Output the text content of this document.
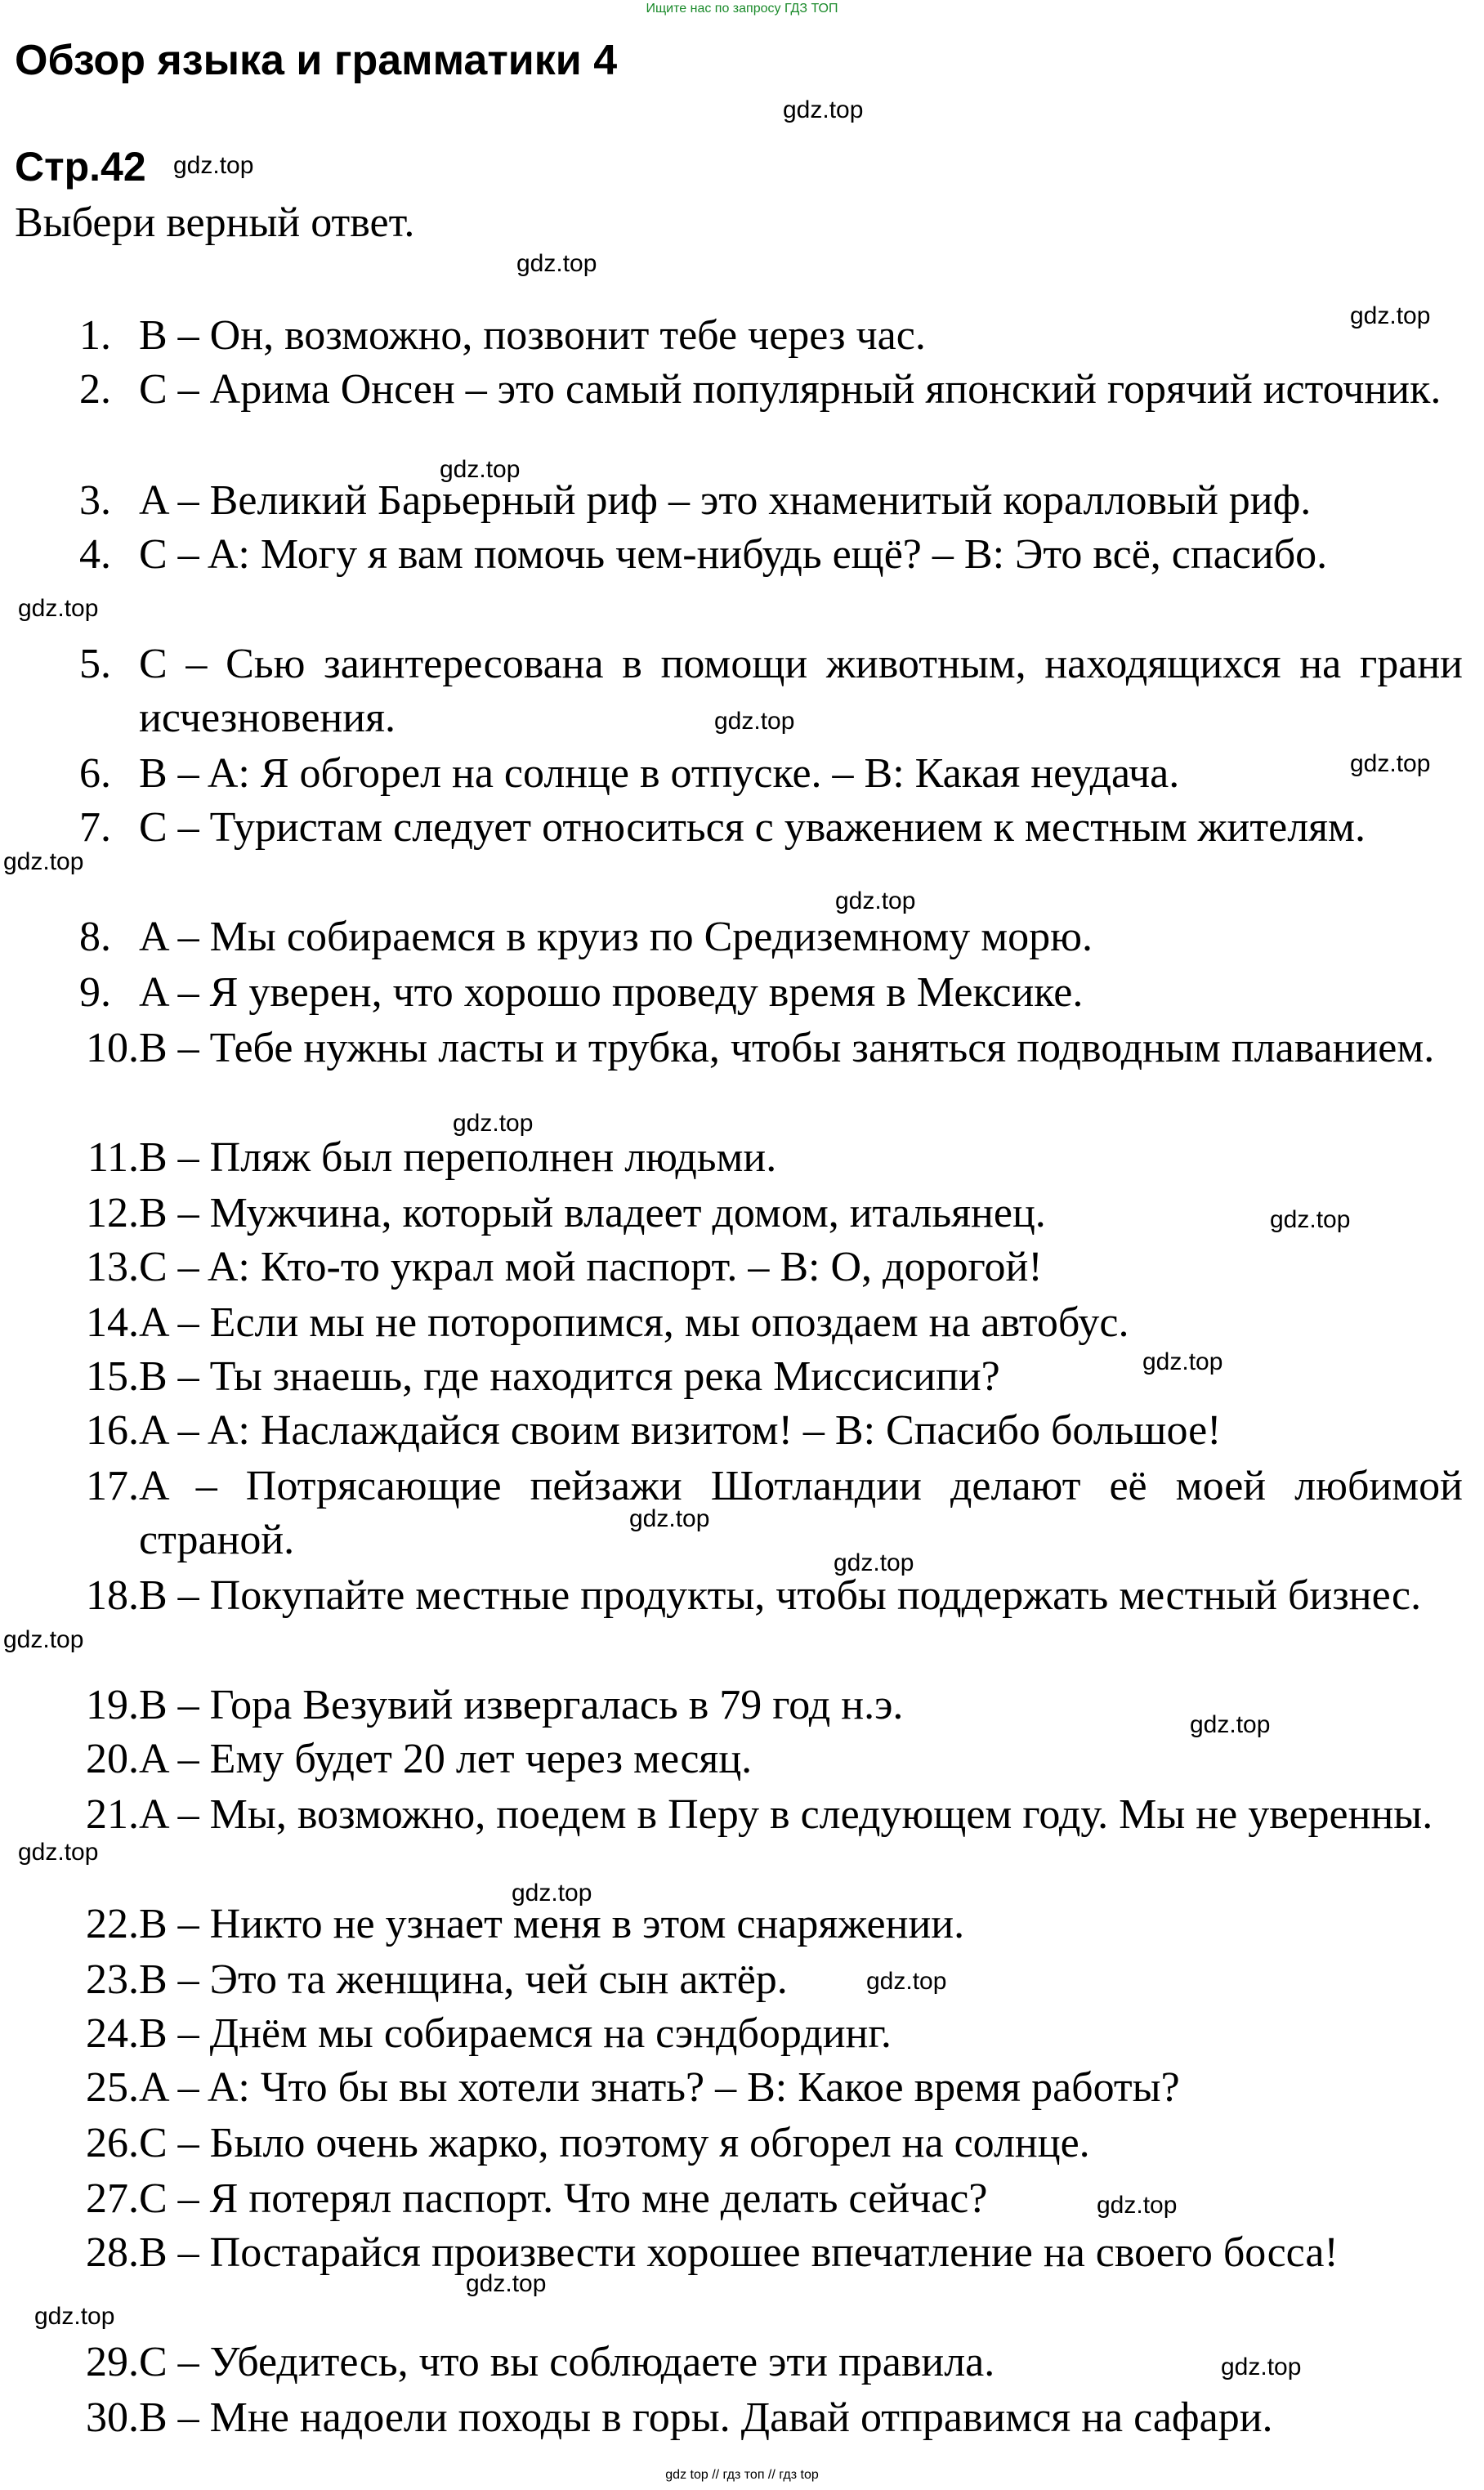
Ищите нас по запросу ГДЗ ТОП
Обзор языка и грамматики 4
Стр.42
Выбери верный ответ.
1. B – Он, возможно, позвонит тебе через час.
2. C – Арима Онсен – это самый популярный японский горячий источник.
3. A – Великий Барьерный риф – это хнаменитый коралловый риф.
4. C – A: Могу я вам помочь чем-нибудь ещё? – B: Это всё, спасибо.
5. C – Сью заинтересована в помощи животным, находящихся на грани исчезновения.
6. B – A: Я обгорел на солнце в отпуске. – B: Какая неудача.
7. C – Туристам следует относиться с уважением к местным жителям.
8. A – Мы собираемся в круиз по Средиземному морю.
9. A – Я уверен, что хорошо проведу время в Мексике.
10. B – Тебе нужны ласты и трубка, чтобы заняться подводным плаванием.
11. B – Пляж был переполнен людьми.
12. B – Мужчина, который владеет домом, итальянец.
13. C – A: Кто-то украл мой паспорт. – B: О, дорогой!
14. A – Если мы не поторопимся, мы опоздаем на автобус.
15. B – Ты знаешь, где находится река Миссисипи?
16. A – A: Наслаждайся своим визитом! – B: Спасибо большое!
17. A – Потрясающие пейзажи Шотландии делают её моей любимой страной.
18. B – Покупайте местные продукты, чтобы поддержать местный бизнес.
19. B – Гора Везувий извергалась в 79 год н.э.
20. A – Ему будет 20 лет через месяц.
21. A – Мы, возможно, поедем в Перу в следующем году. Мы не уверенны.
22. B – Никто не узнает меня в этом снаряжении.
23. B – Это та женщина, чей сын актёр.
24. B – Днём мы собираемся на сэндбординг.
25. A – A: Что бы вы хотели знать? – B: Какое время работы?
26. C – Было очень жарко, поэтому я обгорел на солнце.
27. C – Я потерял паспорт. Что мне делать сейчас?
28. B – Постарайся произвести хорошее впечатление на своего босса!
29. C – Убедитесь, что вы соблюдаете эти правила.
30. B – Мне надоели походы в горы. Давай отправимся на сафари.
gdz.top
gdz.top
gdz.top
gdz.top
gdz.top
gdz.top
gdz.top
gdz.top
gdz.top
gdz.top
gdz.top
gdz.top
gdz.top
gdz.top
gdz.top
gdz.top
gdz.top
gdz.top
gdz.top
gdz.top
gdz.top
gdz.top
gdz.top
gdz.top
gdz top // гдз топ // гдз top
